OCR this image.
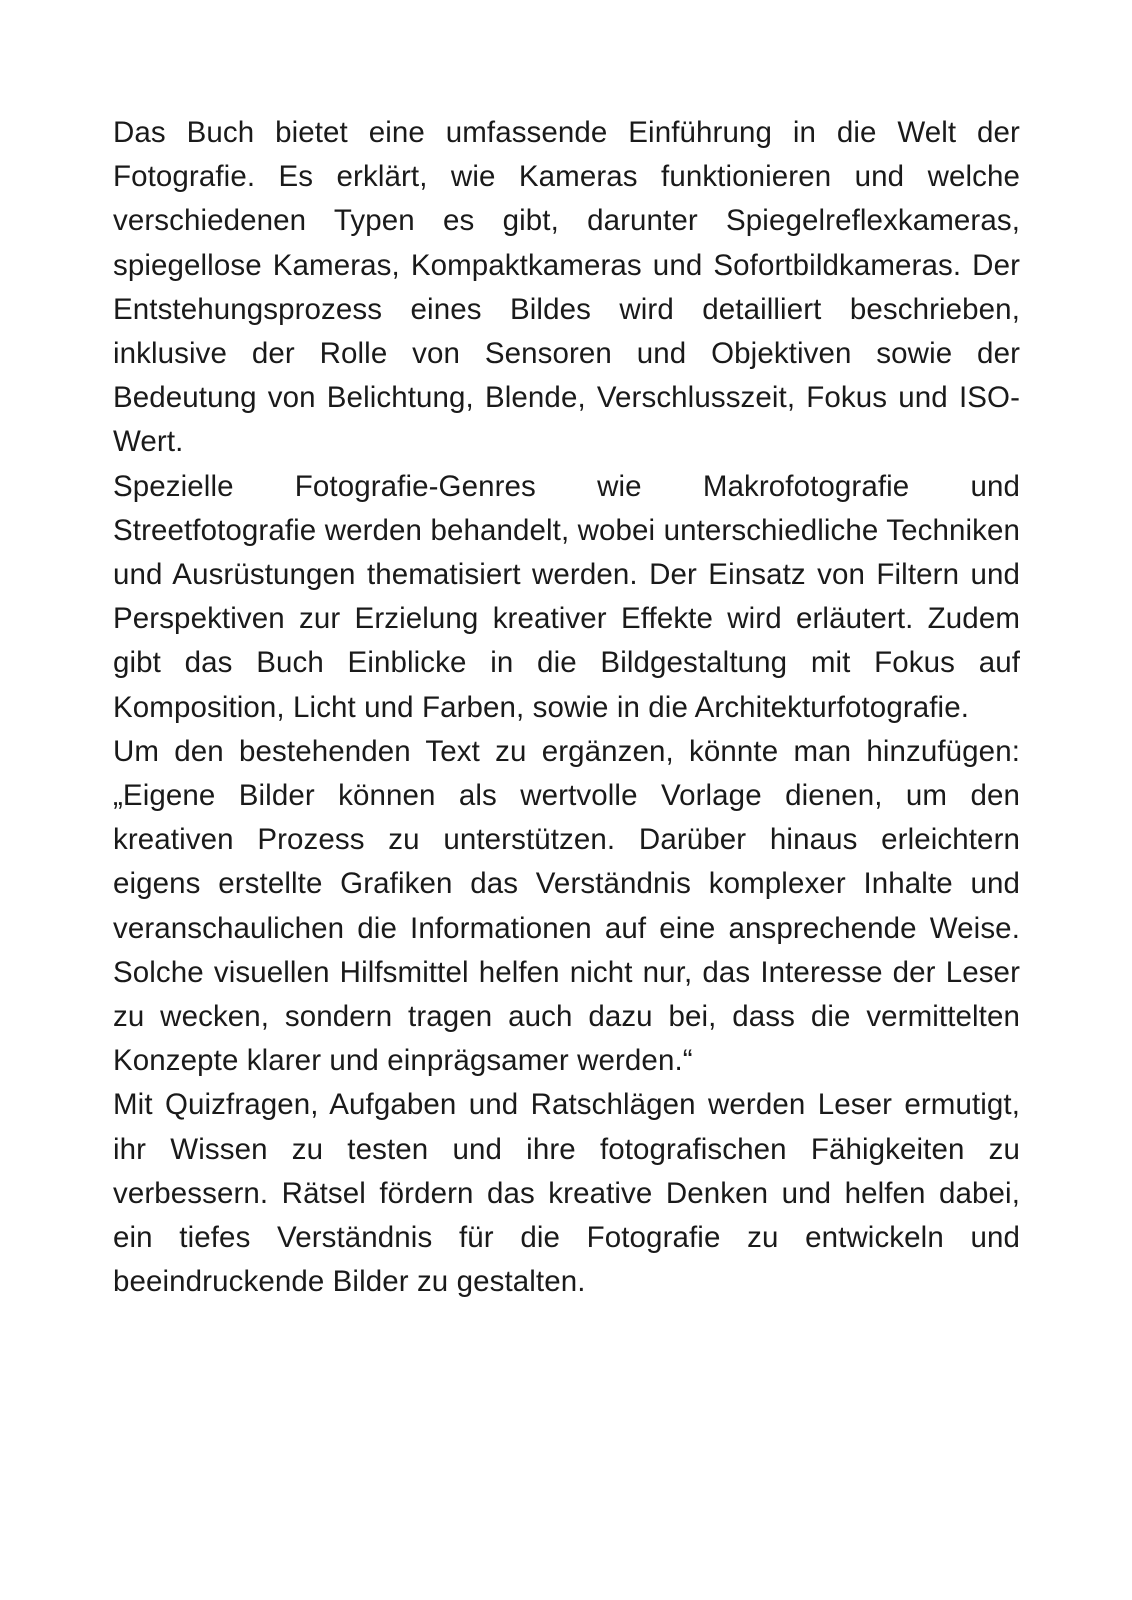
Das Buch bietet eine umfassende Einführung in die Welt der Fotografie. Es erklärt, wie Kameras funktionieren und welche verschiedenen Typen es gibt, darunter Spiegelreflexkameras, spiegellose Kameras, Kompaktkameras und Sofortbildkameras. Der Entstehungsprozess eines Bildes wird detailliert beschrieben, inklusive der Rolle von Sensoren und Objektiven sowie der Bedeutung von Belichtung, Blende, Verschlusszeit, Fokus und ISO-Wert.

Spezielle Fotografie-Genres wie Makrofotografie und Streetfotografie werden behandelt, wobei unterschiedliche Techniken und Ausrüstungen thematisiert werden. Der Einsatz von Filtern und Perspektiven zur Erzielung kreativer Effekte wird erläutert. Zudem gibt das Buch Einblicke in die Bildgestaltung mit Fokus auf Komposition, Licht und Farben, sowie in die Architekturfotografie.

Um den bestehenden Text zu ergänzen, könnte man hinzufügen: „Eigene Bilder können als wertvolle Vorlage dienen, um den kreativen Prozess zu unterstützen. Darüber hinaus erleichtern eigens erstellte Grafiken das Verständnis komplexer Inhalte und veranschaulichen die Informationen auf eine ansprechende Weise. Solche visuellen Hilfsmittel helfen nicht nur, das Interesse der Leser zu wecken, sondern tragen auch dazu bei, dass die vermittelten Konzepte klarer und einprägsamer werden.“

Mit Quizfragen, Aufgaben und Ratschlägen werden Leser ermutigt, ihr Wissen zu testen und ihre fotografischen Fähigkeiten zu verbessern. Rätsel fördern das kreative Denken und helfen dabei, ein tiefes Verständnis für die Fotografie zu entwickeln und beeindruckende Bilder zu gestalten.
